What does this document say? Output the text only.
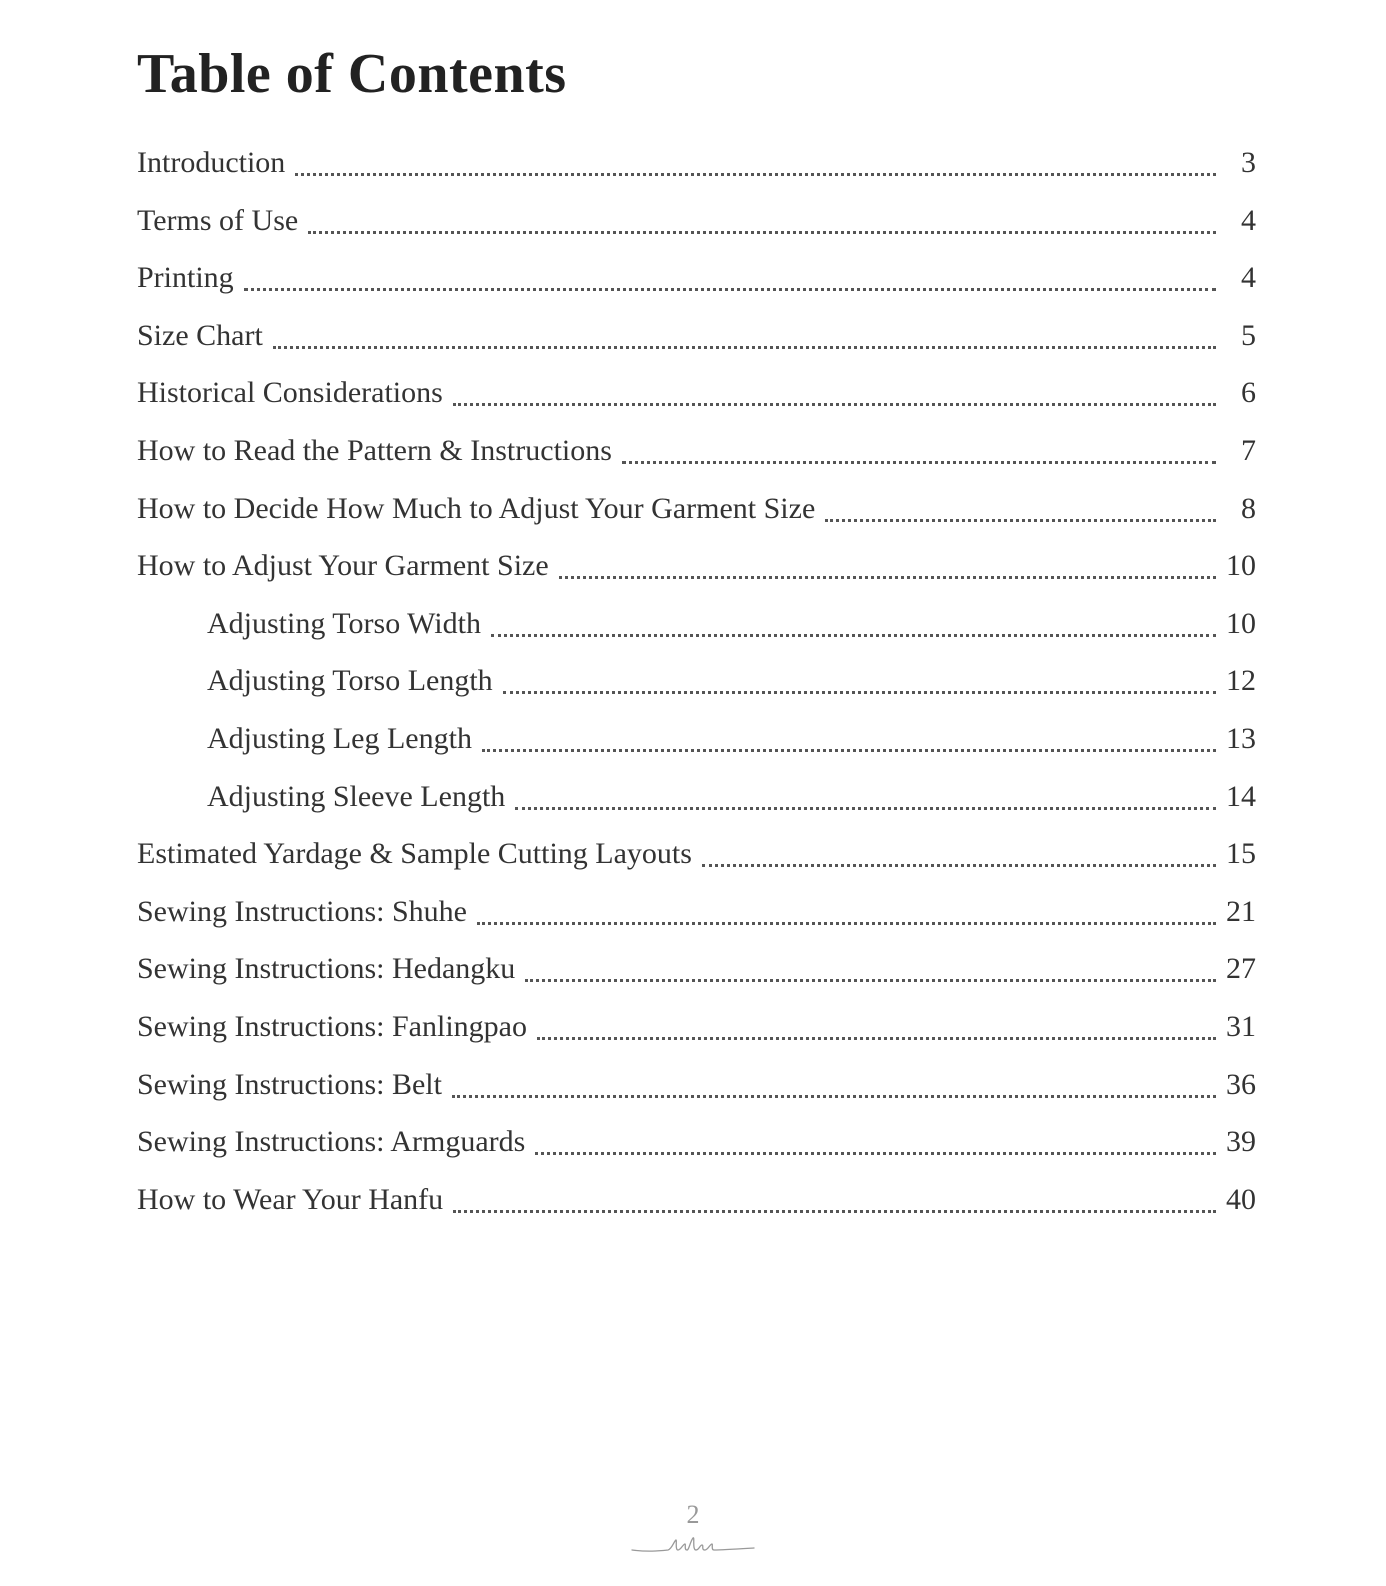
Table of Contents
Introduction	3
Terms of Use	4
Printing	4
Size Chart	5
Historical Considerations	6
How to Read the Pattern & Instructions	7
How to Decide How Much to Adjust Your Garment Size	8
How to Adjust Your Garment Size	10
Adjusting Torso Width	10
Adjusting Torso Length	12
Adjusting Leg Length	13
Adjusting Sleeve Length	14
Estimated Yardage & Sample Cutting Layouts	15
Sewing Instructions: Shuhe	21
Sewing Instructions: Hedangku	27
Sewing Instructions: Fanlingpao	31
Sewing Instructions: Belt	36
Sewing Instructions: Armguards	39
How to Wear Your Hanfu	40
2
